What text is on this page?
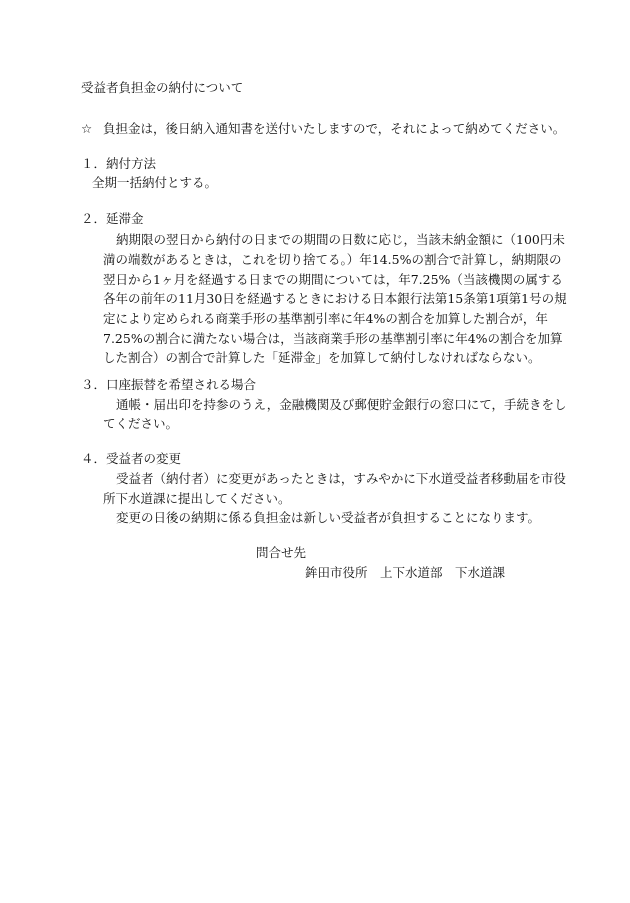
受益者負担金の納付について
☆ 負担金は，後日納入通知書を送付いたしますので，それによって納めてください。
１．納付方法
全期一括納付とする。
２．延滞金
納期限の翌日から納付の日までの期間の日数に応じ，当該未納金額に（100円未
満の端数があるときは，これを切り捨てる。）年14.5%の割合で計算し，納期限の
翌日から1ヶ月を経過する日までの期間については，年7.25%（当該機関の属する
各年の前年の11月30日を経過するときにおける日本銀行法第15条第1項第1号の規
定により定められる商業手形の基準割引率に年4%の割合を加算した割合が，年
7.25%の割合に満たない場合は，当該商業手形の基準割引率に年4%の割合を加算
した割合）の割合で計算した「延滞金」を加算して納付しなければならない。
３．口座振替を希望される場合
通帳・届出印を持参のうえ，金融機関及び郵便貯金銀行の窓口にて，手続きをし
てください。
４．受益者の変更
受益者（納付者）に変更があったときは，すみやかに下水道受益者移動届を市役
所下水道課に提出してください。
変更の日後の納期に係る負担金は新しい受益者が負担することになります。
問合せ先
鉾田市役所　上下水道部　下水道課
